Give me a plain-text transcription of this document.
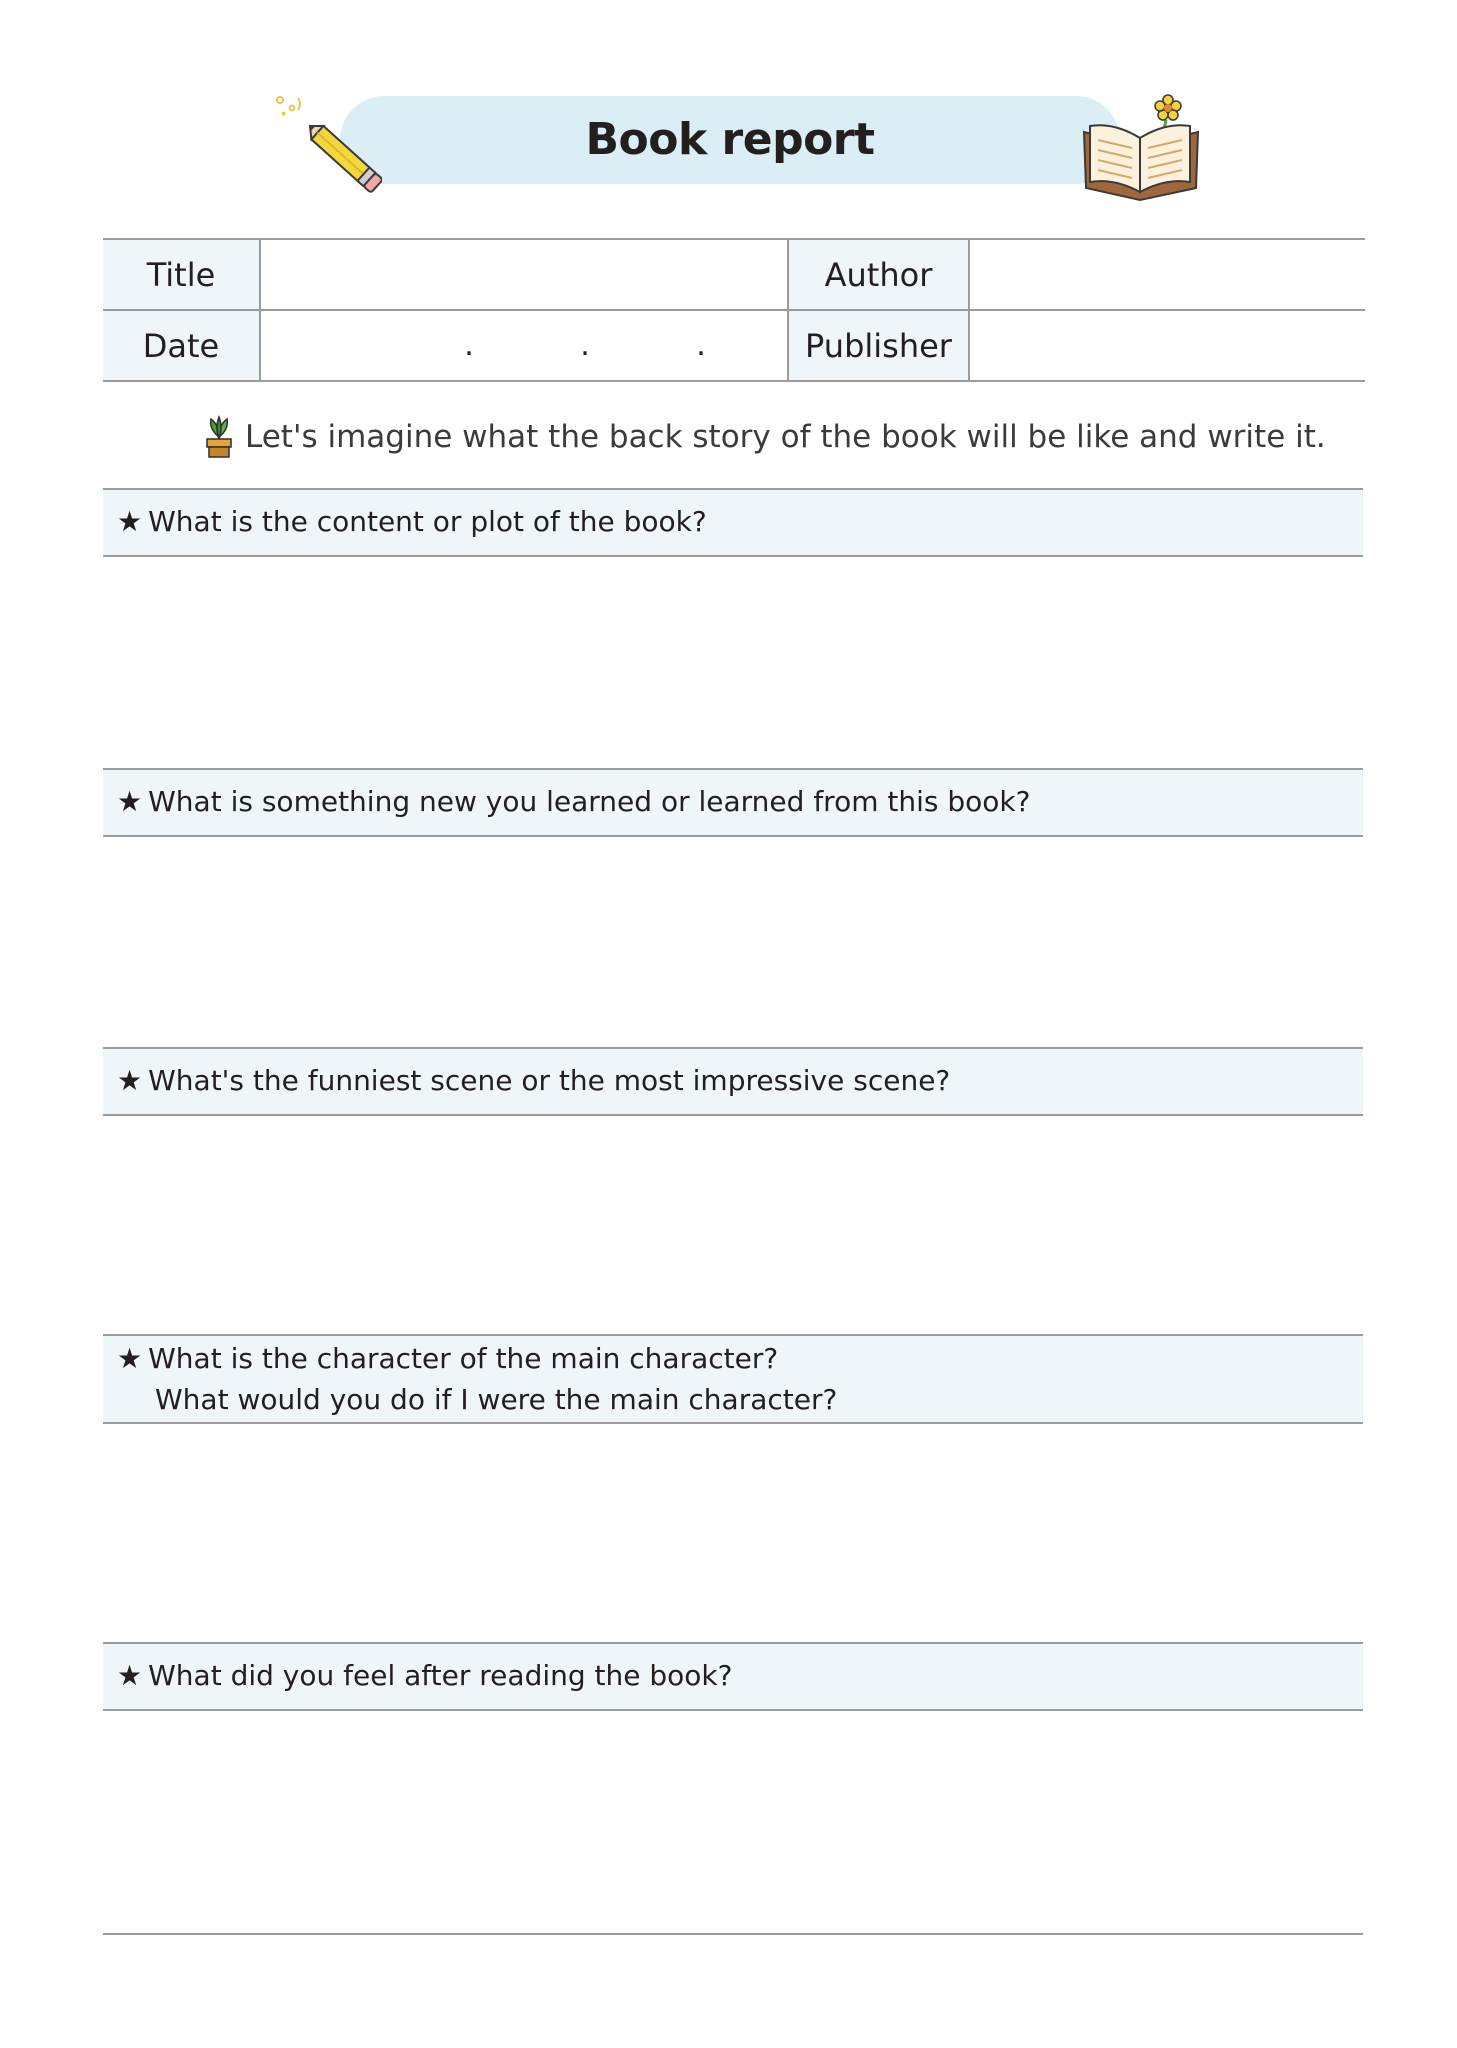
Book report
Title		Author	
Date	. . .	Publisher	
Let's imagine what the back story of the book will be like and write it.
★ What is the content or plot of the book?
★ What is something new you learned or learned from this book?
★ What's the funniest scene or the most impressive scene?
★ What is the character of the main character?
What would you do if I were the main character?
★ What did you feel after reading the book?
